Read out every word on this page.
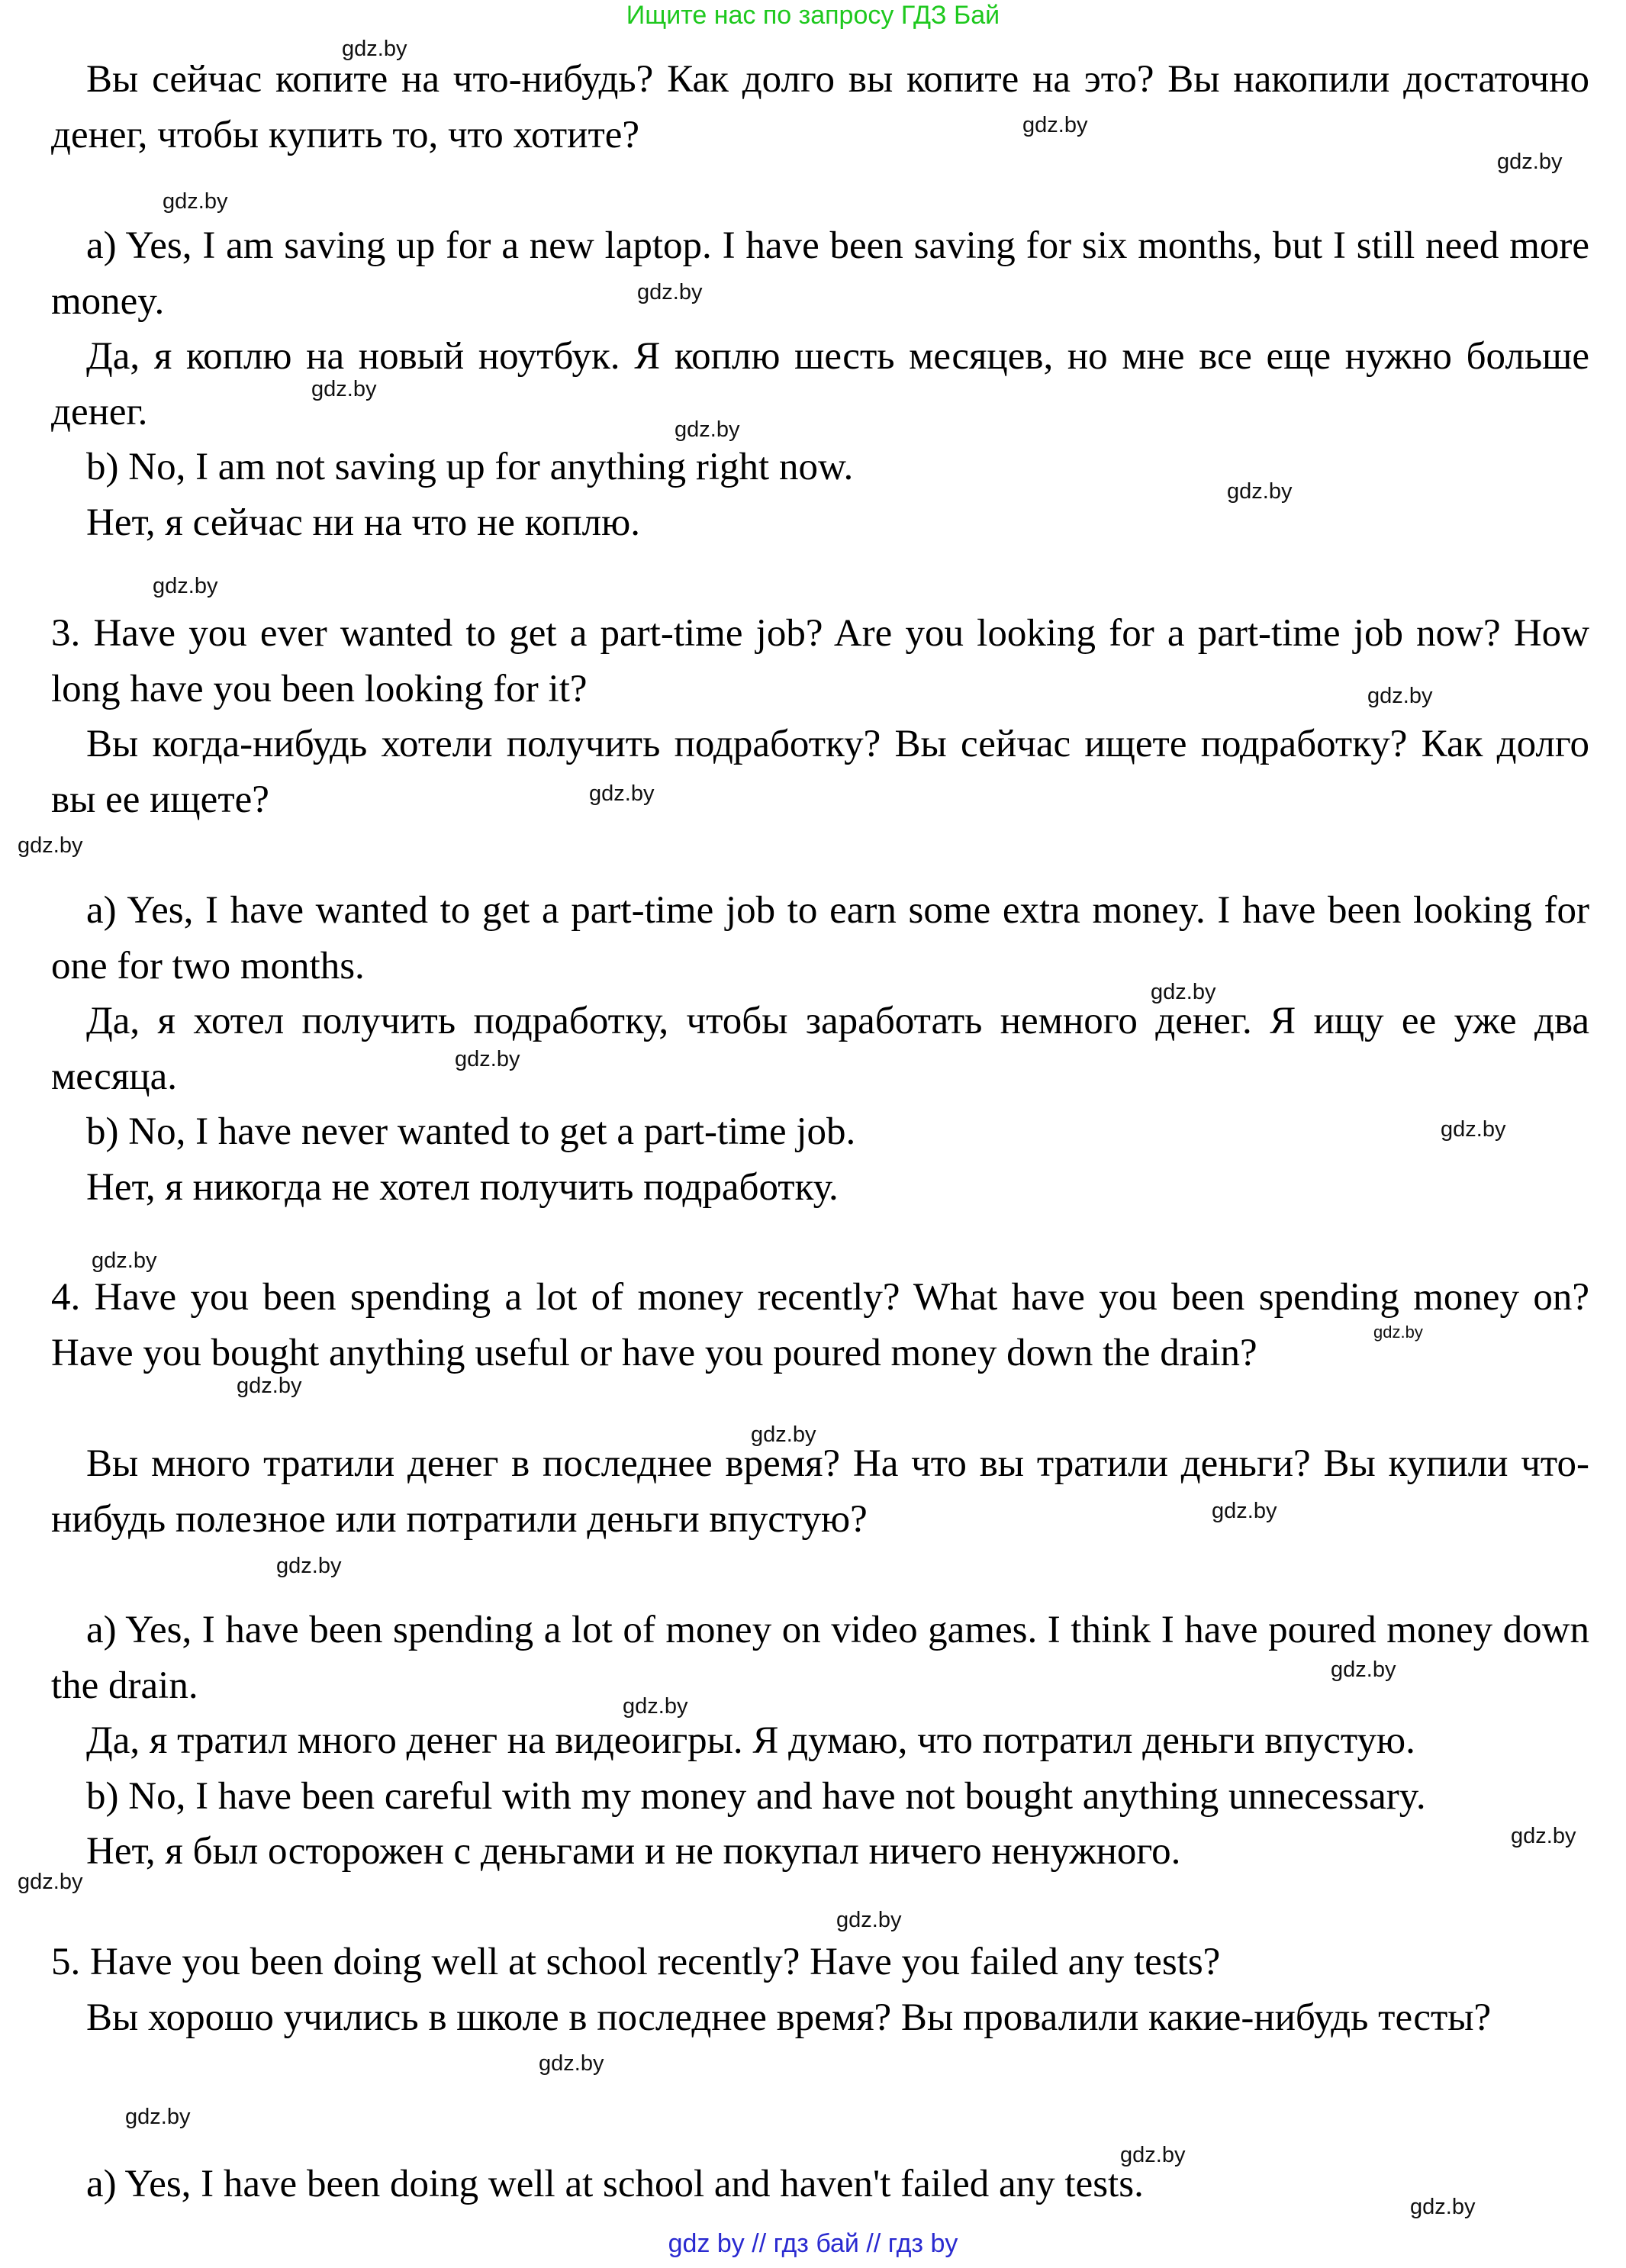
Ищите нас по запросу ГДЗ Бай

Вы сейчас копите на что-нибудь? Как долго вы копите на это? Вы накопили достаточно денег, чтобы купить то, что хотите?

a) Yes, I am saving up for a new laptop. I have been saving for six months, but I still need more money.

Да, я коплю на новый ноутбук. Я коплю шесть месяцев, но мне все еще нужно больше денег.

b) No, I am not saving up for anything right now.

Нет, я сейчас ни на что не коплю.

3. Have you ever wanted to get a part-time job? Are you looking for a part-time job now? How long have you been looking for it?

Вы когда-нибудь хотели получить подработку? Вы сейчас ищете подработку? Как долго вы ее ищете?

a) Yes, I have wanted to get a part-time job to earn some extra money. I have been looking for one for two months.

Да, я хотел получить подработку, чтобы заработать немного денег. Я ищу ее уже два месяца.

b) No, I have never wanted to get a part-time job.

Нет, я никогда не хотел получить подработку.

4. Have you been spending a lot of money recently? What have you been spending money on? Have you bought anything useful or have you poured money down the drain?

Вы много тратили денег в последнее время? На что вы тратили деньги? Вы купили что-нибудь полезное или потратили деньги впустую?

a) Yes, I have been spending a lot of money on video games. I think I have poured money down the drain.

Да, я тратил много денег на видеоигры. Я думаю, что потратил деньги впустую.

b) No, I have been careful with my money and have not bought anything unnecessary.

Нет, я был осторожен с деньгами и не покупал ничего ненужного.

5. Have you been doing well at school recently? Have you failed any tests?

Вы хорошо учились в школе в последнее время? Вы провалили какие-нибудь тесты?

a) Yes, I have been doing well at school and haven't failed any tests.

gdz.by
gdz.by
gdz.by
gdz.by
gdz.by
gdz.by
gdz.by
gdz.by
gdz.by
gdz.by
gdz.by
gdz.by
gdz.by
gdz.by
gdz.by
gdz.by
gdz.by
gdz.by
gdz.by
gdz.by
gdz.by
gdz.by
gdz.by
gdz.by
gdz.by
gdz.by
gdz.by
gdz.by
gdz.by
gdz.by
gdz by // гдз бай // гдз by
